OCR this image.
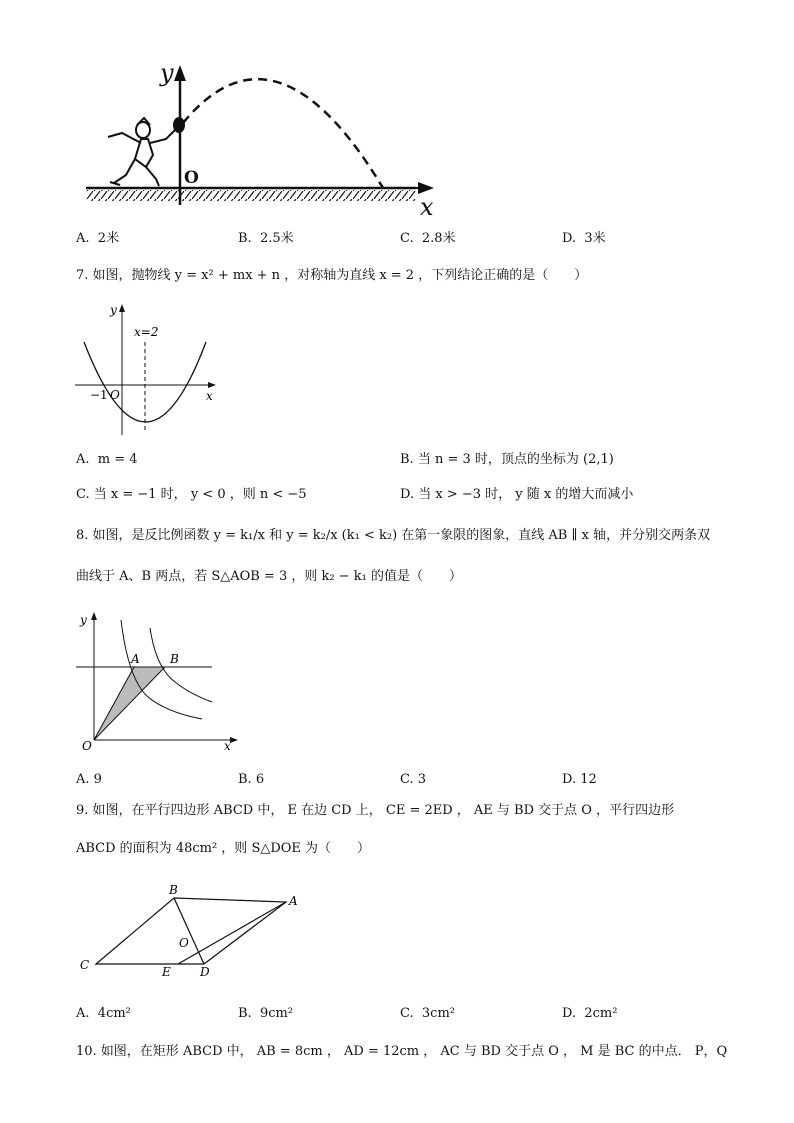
y
O
x
A. 2米	B. 2.5米	C. 2.8米	D. 3米
7. 如图，抛物线 y = x² + mx + n ，对称轴为直线 x = 2 ，下列结论正确的是（　　）
y
x=2
−1 O	x
A. m = 4	B. 当 n = 3 时，顶点的坐标为 (2,1)
C. 当 x = −1 时， y < 0 ，则 n < −5	D. 当 x > −3 时， y 随 x 的增大而减小
8. 如图，是反比例函数 y = k₁/x 和 y = k₂/x (k₁ < k₂) 在第一象限的图象，直线 AB ∥ x 轴，并分别交两条双
曲线于 A、B 两点，若 S△AOB = 3 ，则 k₂ − k₁ 的值是（　　）
y
A	B
O	x
A. 9	B. 6	C. 3	D. 12
9. 如图，在平行四边形 ABCD 中， E 在边 CD 上， CE = 2ED ， AE 与 BD 交于点 O ，平行四边形
ABCD 的面积为 48cm² ，则 S△DOE 为（　　）
B
A
O
C	E D
A. 4cm²	B. 9cm²	C. 3cm²	D. 2cm²
10. 如图，在矩形 ABCD 中， AB = 8cm ， AD = 12cm ， AC 与 BD 交于点 O ， M 是 BC 的中点． P，Q
